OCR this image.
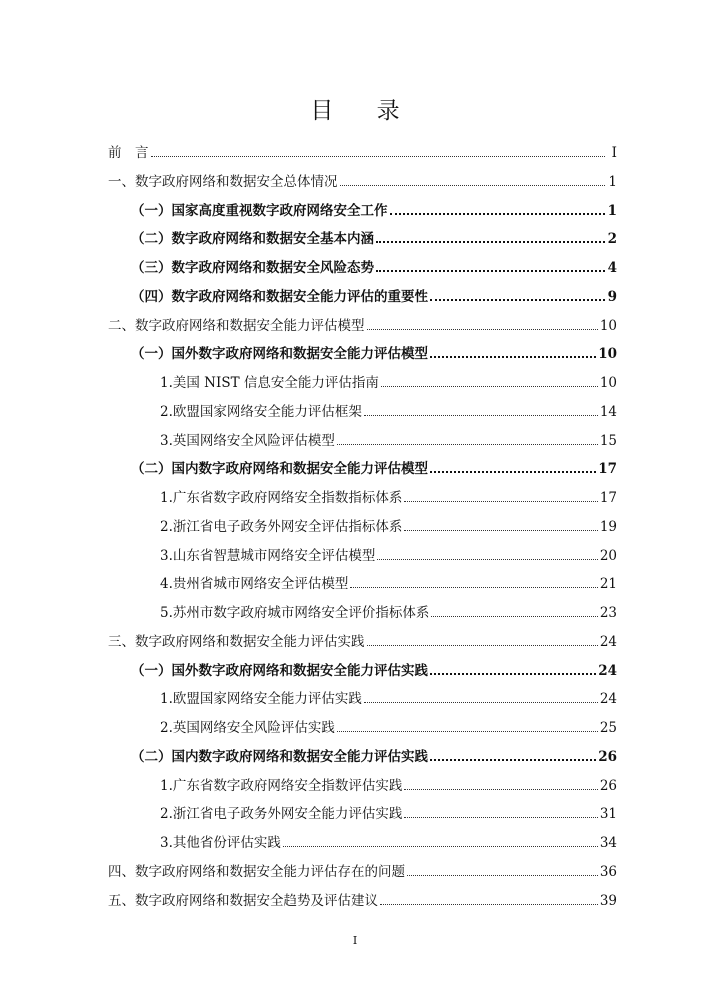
目 录
前　言	I
一、数字政府网络和数据安全总体情况	1
（一）国家高度重视数字政府网络安全工作	1
（二）数字政府网络和数据安全基本内涵	2
（三）数字政府网络和数据安全风险态势	4
（四）数字政府网络和数据安全能力评估的重要性	9
二、数字政府网络和数据安全能力评估模型	10
（一）国外数字政府网络和数据安全能力评估模型	10
1.美国 NIST 信息安全能力评估指南	10
2.欧盟国家网络安全能力评估框架	14
3.英国网络安全风险评估模型	15
（二）国内数字政府网络和数据安全能力评估模型	17
1.广东省数字政府网络安全指数指标体系	17
2.浙江省电子政务外网安全评估指标体系	19
3.山东省智慧城市网络安全评估模型	20
4.贵州省城市网络安全评估模型	21
5.苏州市数字政府城市网络安全评价指标体系	23
三、数字政府网络和数据安全能力评估实践	24
（一）国外数字政府网络和数据安全能力评估实践	24
1.欧盟国家网络安全能力评估实践	24
2.英国网络安全风险评估实践	25
（二）国内数字政府网络和数据安全能力评估实践	26
1.广东省数字政府网络安全指数评估实践	26
2.浙江省电子政务外网安全能力评估实践	31
3.其他省份评估实践	34
四、数字政府网络和数据安全能力评估存在的问题	36
五、数字政府网络和数据安全趋势及评估建议	39
I
